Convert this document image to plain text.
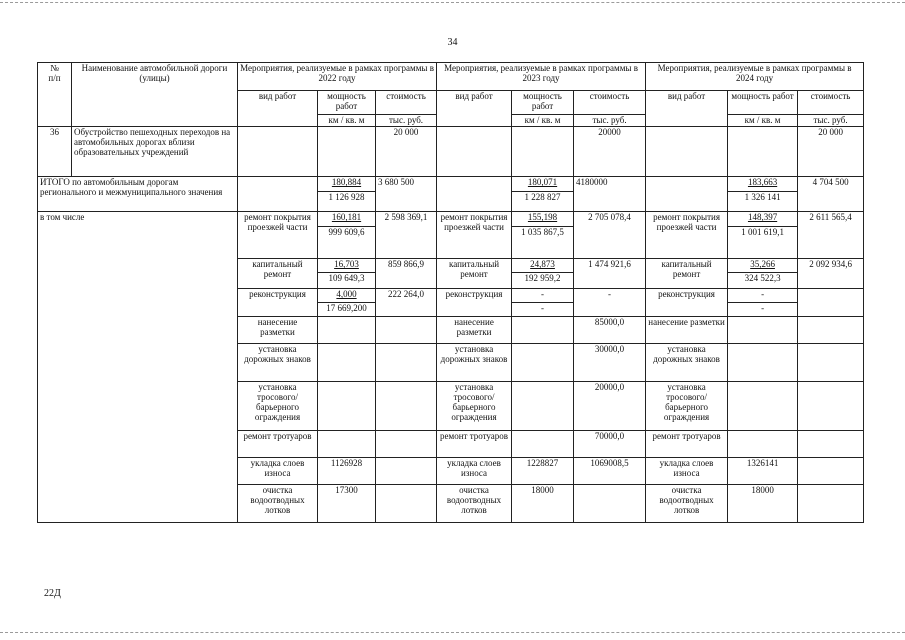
34
№
п/п	Наименование автомобильной дороги (улицы)	Мероприятия, реализуемые в рамках программы в 2022 году			Мероприятия, реализуемые в рамках программы в 2023 году			Мероприятия, реализуемые в рамках программы в 2024 году		
		вид работ	мощность работ	стоимость	вид работ	мощность работ	стоимость	вид работ	мощность работ	стоимость
			км / кв. м	тыс. руб.		км / кв. м	тыс. руб.		км / кв. м	тыс. руб.
36	Обустройство пешеходных переходов на автомобильных дорогах вблизи образовательных учреждений			20 000			20000			20 000
ИТОГО по автомобильным дорогам регионального и межмуниципального значения			180,884	3 680 500		180,071	4180000		183,663	4 704 500
			1 126 928			1 228 827			1 326 141	
в том числе		ремонт покрытия проезжей части	160,181	2 598 369,1	ремонт покрытия проезжей части	155,198	2 705 078,4	ремонт покрытия проезжей части	148,397	2 611 565,4
			999 609,6			1 035 867,5			1 001 619,1	
		капитальный ремонт	16,703	859 866,9	капитальный ремонт	24,873	1 474 921,6	капитальный ремонт	35,266	2 092 934,6
			109 649,3			192 959,2			324 522,3	
		реконструкция	4,000	222 264,0	реконструкция	-	-	реконструкция	-	
			17 669,200			-			-	
		нанесение разметки			нанесение разметки		85000,0	нанесение разметки		
		установка дорожных знаков			установка дорожных знаков		30000,0	установка дорожных знаков		
		установка тросового/ барьерного ограждения			установка тросового/ барьерного ограждения		20000,0	установка тросового/ барьерного ограждения		
		ремонт тротуаров			ремонт тротуаров		70000,0	ремонт тротуаров		
		укладка слоев износа	1126928		укладка слоев износа	1228827	1069008,5	укладка слоев износа	1326141	
		очистка водоотводных лотков	17300		очистка водоотводных лотков	18000		очистка водоотводных лотков	18000	
22Д
